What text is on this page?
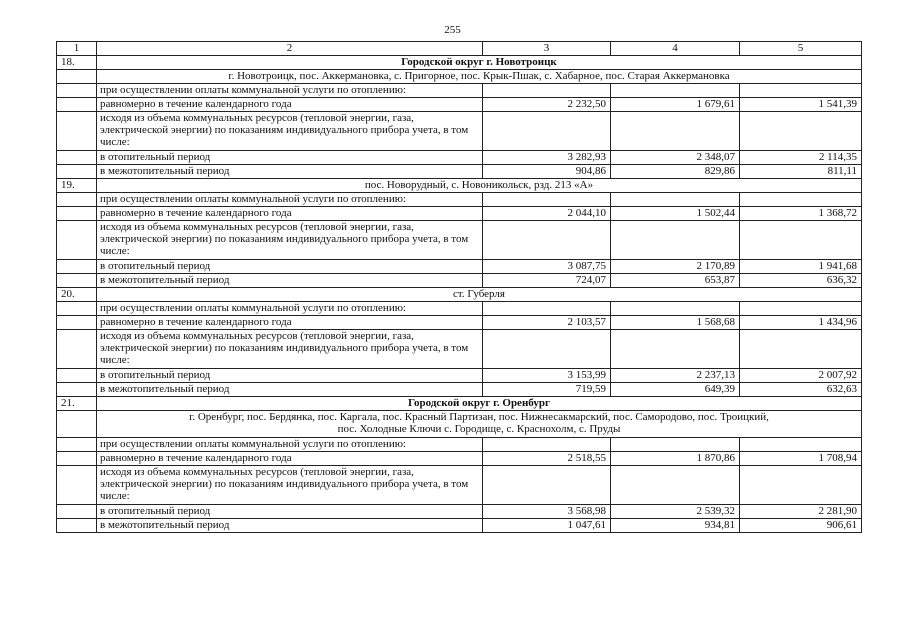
255
1	2	3	4	5
18.	Городской округ г. Новотроицк			
	г. Новотроицк, пос. Аккермановка, с. Пригорное, пос. Крык-Пшак, с. Хабарное, пос. Старая Аккермановка			
	при осуществлении оплаты коммунальной услуги по отоплению:			
	равномерно в течение календарного года	2 232,50	1 679,61	1 541,39
	исходя из объема коммунальных ресурсов (тепловой энергии, газа, электрической энергии) по показаниям индивидуального прибора учета, в том числе:			
	в отопительный период	3 282,93	2 348,07	2 114,35
	в межотопительный период	904,86	829,86	811,11
19.	пос. Новорудный, с. Новоникольск, рзд. 213 «А»			
	при осуществлении оплаты коммунальной услуги по отоплению:			
	равномерно в течение календарного года	2 044,10	1 502,44	1 368,72
	исходя из объема коммунальных ресурсов (тепловой энергии, газа, электрической энергии) по показаниям индивидуального прибора учета, в том числе:			
	в отопительный период	3 087,75	2 170,89	1 941,68
	в межотопительный период	724,07	653,87	636,32
20.	ст. Губерля			
	при осуществлении оплаты коммунальной услуги по отоплению:			
	равномерно в течение календарного года	2 103,57	1 568,68	1 434,96
	исходя из объема коммунальных ресурсов (тепловой энергии, газа, электрической энергии) по показаниям индивидуального прибора учета, в том числе:			
	в отопительный период	3 153,99	2 237,13	2 007,92
	в межотопительный период	719,59	649,39	632,63
21.	Городской округ г. Оренбург			

	г. Оренбург, пос. Бердянка, пос. Каргала, пос. Красный Партизан, пос. Нижнесакмарский, пос. Самородово, пос. Троицкий,
пос. Холодные Ключи с. Городище, с. Краснохолм, с. Пруды			

	при осуществлении оплаты коммунальной услуги по отоплению:			
	равномерно в течение календарного года	2 518,55	1 870,86	1 708,94
	исходя из объема коммунальных ресурсов (тепловой энергии, газа, электрической энергии) по показаниям индивидуального прибора учета, в том числе:			
	в отопительный период	3 568,98	2 539,32	2 281,90
	в межотопительный период	1 047,61	934,81	906,61
